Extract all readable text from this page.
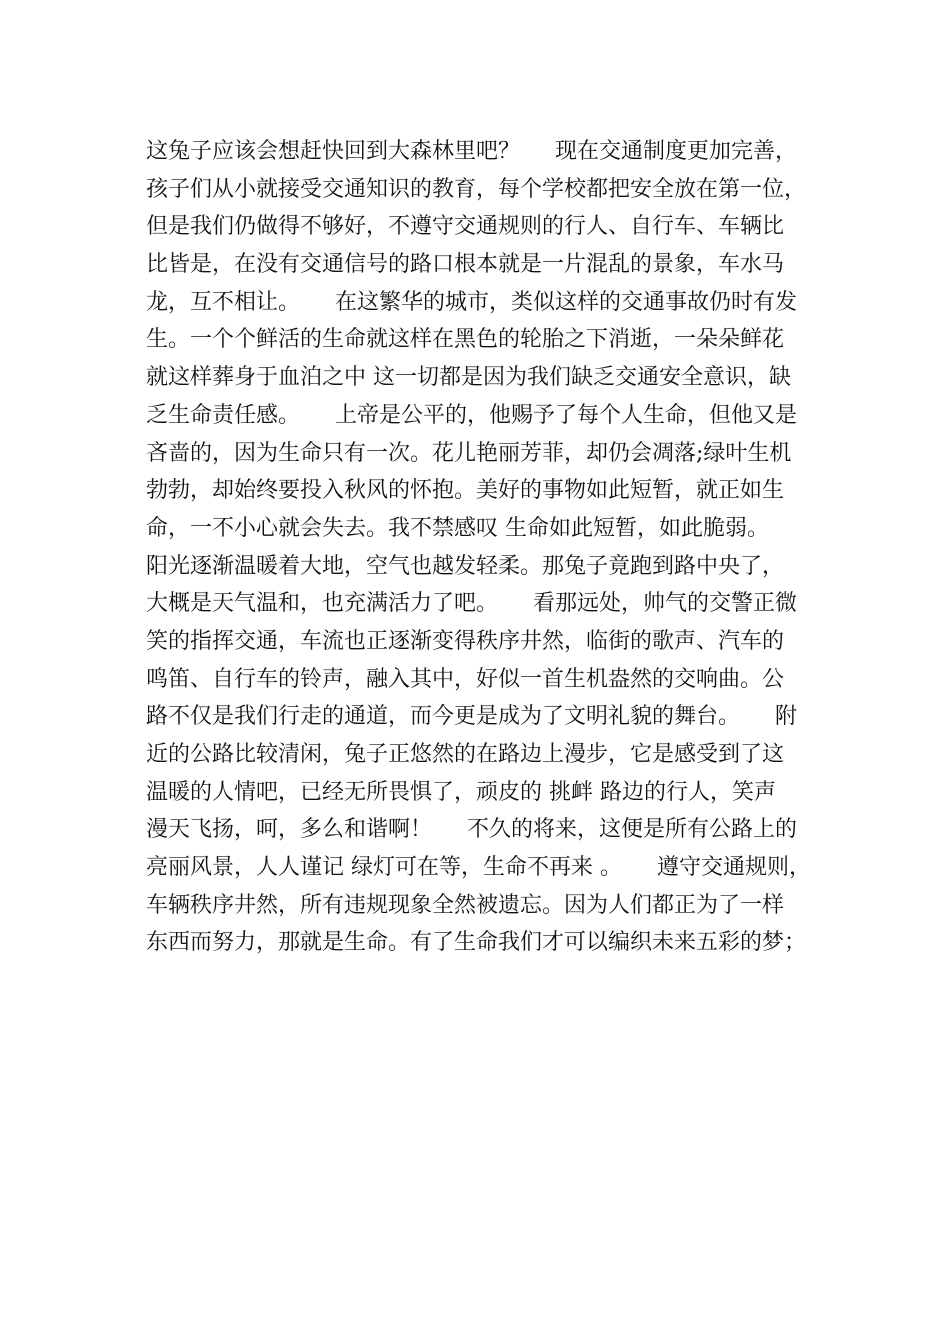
这兔子应该会想赶快回到大森林里吧？     现在交通制度更加完善，
孩子们从小就接受交通知识的教育，每个学校都把安全放在第一位，
但是我们仍做得不够好，不遵守交通规则的行人、自行车、车辆比
比皆是，在没有交通信号的路口根本就是一片混乱的景象，车水马
龙，互不相让。     在这繁华的城市，类似这样的交通事故仍时有发
生。一个个鲜活的生命就这样在黑色的轮胎之下消逝，一朵朵鲜花
就这样葬身于血泊之中 这一切都是因为我们缺乏交通安全意识，缺
乏生命责任感。     上帝是公平的，他赐予了每个人生命，但他又是
吝啬的，因为生命只有一次。花儿艳丽芳菲，却仍会凋落;绿叶生机
勃勃，却始终要投入秋风的怀抱。美好的事物如此短暂，就正如生
命，一不小心就会失去。我不禁感叹 生命如此短暂，如此脆弱。
阳光逐渐温暖着大地，空气也越发轻柔。那兔子竟跑到路中央了，
大概是天气温和，也充满活力了吧。     看那远处，帅气的交警正微
笑的指挥交通，车流也正逐渐变得秩序井然，临街的歌声、汽车的
鸣笛、自行车的铃声，融入其中，好似一首生机盎然的交响曲。公
路不仅是我们行走的通道，而今更是成为了文明礼貌的舞台。     附
近的公路比较清闲，兔子正悠然的在路边上漫步，它是感受到了这
温暖的人情吧，已经无所畏惧了，顽皮的 挑衅 路边的行人，笑声
漫天飞扬，呵，多么和谐啊！     不久的将来，这便是所有公路上的
亮丽风景，人人谨记 绿灯可在等，生命不再来 。     遵守交通规则，
车辆秩序井然，所有违规现象全然被遗忘。因为人们都正为了一样
东西而努力，那就是生命。有了生命我们才可以编织未来五彩的梦；
